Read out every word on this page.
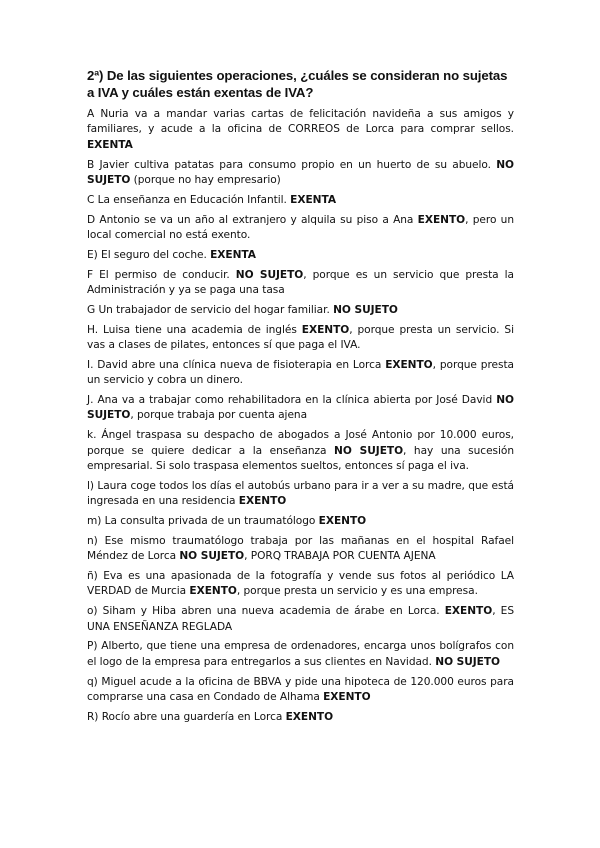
2ª) De las siguientes operaciones, ¿cuáles se consideran no sujetas a IVA y cuáles están exentas de IVA?

A Nuria va a mandar varias cartas de felicitación navideña a sus amigos y familiares, y acude a la oficina de CORREOS de Lorca para comprar sellos. EXENTA

B Javier cultiva patatas para consumo propio en un huerto de su abuelo. NO SUJETO (porque no hay empresario)

C La enseñanza en Educación Infantil. EXENTA

D Antonio se va un año al extranjero y alquila su piso a Ana EXENTO, pero un local comercial no está exento.

E) El seguro del coche. EXENTA

F El permiso de conducir. NO SUJETO, porque es un servicio que presta la Administración y ya se paga una tasa

G Un trabajador de servicio del hogar familiar. NO SUJETO

H. Luisa tiene una academia de inglés EXENTO, porque presta un servicio. Si vas a clases de pilates, entonces sí que paga el IVA.

I. David abre una clínica nueva de fisioterapia en Lorca EXENTO, porque presta un servicio y cobra un dinero.

J. Ana va a trabajar como rehabilitadora en la clínica abierta por José David NO SUJETO, porque trabaja por cuenta ajena

k. Ángel traspasa su despacho de abogados a José Antonio por 10.000 euros, porque se quiere dedicar a la enseñanza NO SUJETO, hay una sucesión empresarial. Si solo traspasa elementos sueltos, entonces sí paga el iva.

l) Laura coge todos los días el autobús urbano para ir a ver a su madre, que está ingresada en una residencia EXENTO

m) La consulta privada de un traumatólogo EXENTO

n) Ese mismo traumatólogo trabaja por las mañanas en el hospital Rafael Méndez de Lorca NO SUJETO, PORQ TRABAJA POR CUENTA AJENA

ñ) Eva es una apasionada de la fotografía y vende sus fotos al periódico LA VERDAD de Murcia EXENTO, porque presta un servicio y es una empresa.

o) Siham y Hiba abren una nueva academia de árabe en Lorca. EXENTO, ES UNA ENSEÑANZA REGLADA

P) Alberto, que tiene una empresa de ordenadores, encarga unos bolígrafos con el logo de la empresa para entregarlos a sus clientes en Navidad. NO SUJETO

q) Miguel acude a la oficina de BBVA y pide una hipoteca de 120.000 euros para comprarse una casa en Condado de Alhama EXENTO

R) Rocío abre una guardería en Lorca EXENTO
